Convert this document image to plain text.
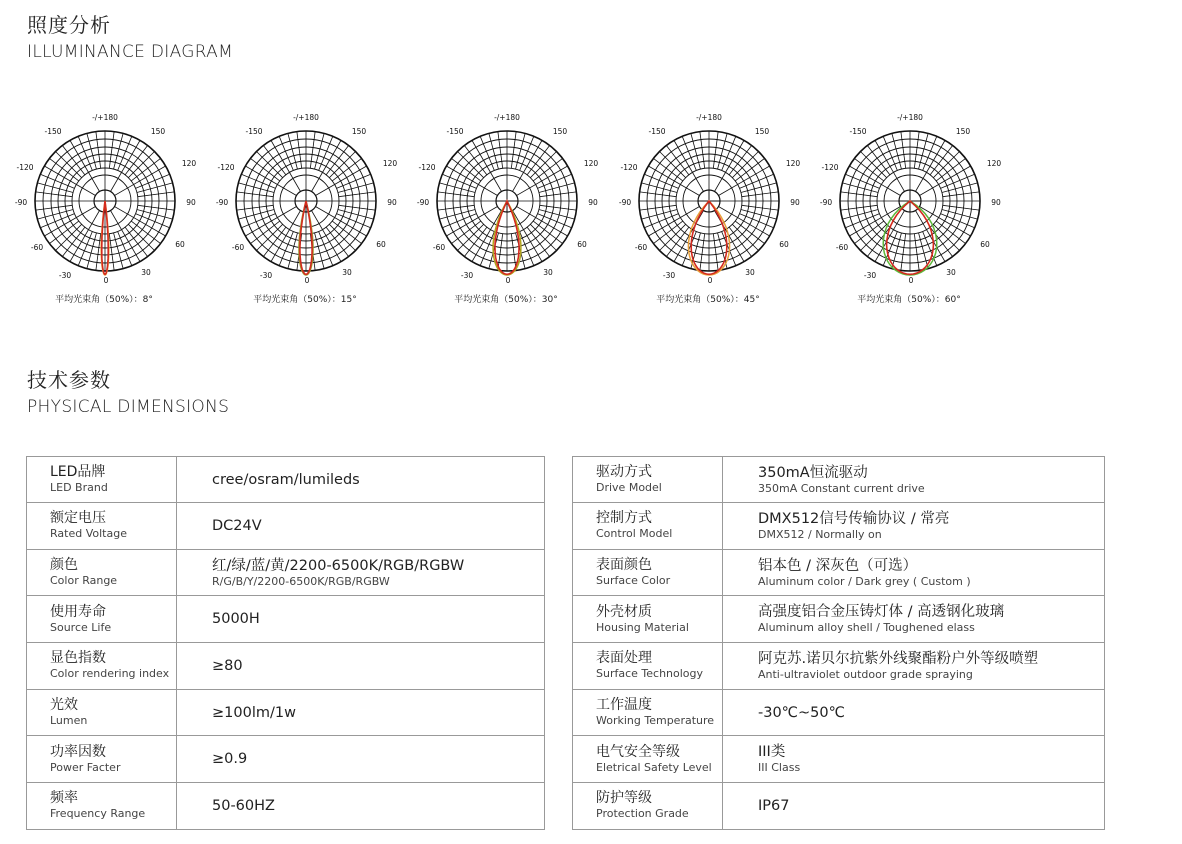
照度分析
ILLUMINANCE DIAGRAM
-/+180
-150	150
-120	120
-90	90
-60	60
-30	30
0
平均光束角（50%）：8°
-/+180
-150	150
-120	120
-90	90
-60	60
-30	30
0
平均光束角（50%）：15°
-/+180
-150	150
-120	120
-90	90
-60	60
-30	30
0
平均光束角（50%）：30°
-/+180
-150	150
-120	120
-90	90
-60	60
-30	30
0
平均光束角（50%）：45°
-/+180
-150	150
-120	120
-90	90
-60	60
-30	30
0
平均光束角（50%）：60°
技术参数
PHYSICAL DIMENSIONS
LED品牌
LED Brand	cree/osram/lumileds

额定电压
Rated Voltage	DC24V

颜色
Color Range	红/绿/蓝/黄/2200-6500K/RGB/RGBW
R/G/B/Y/2200-6500K/RGB/RGBW

使用寿命
Source Life	5000H

显色指数
Color rendering index	≥80

光效
Lumen	≥100lm/1w

功率因数
Power Facter	≥0.9

频率
Frequency Range	50-60HZ
驱动方式
Drive Model	350mA恒流驱动
350mA Constant current drive

控制方式
Control Model	DMX512信号传输协议 / 常亮
DMX512 / Normally on

表面颜色
Surface Color	铝本色 / 深灰色（可选）
Aluminum color / Dark grey ( Custom )

外壳材质
Housing Material	高强度铝合金压铸灯体 / 高透钢化玻璃
Aluminum alloy shell / Toughened elass

表面处理
Surface Technology	阿克苏.诺贝尔抗紫外线聚酯粉户外等级喷塑
Anti-ultraviolet outdoor grade spraying

工作温度
Working Temperature	-30℃~50℃

电气安全等级
Eletrical Safety Level	III类
III Class

防护等级
Protection Grade	IP67
